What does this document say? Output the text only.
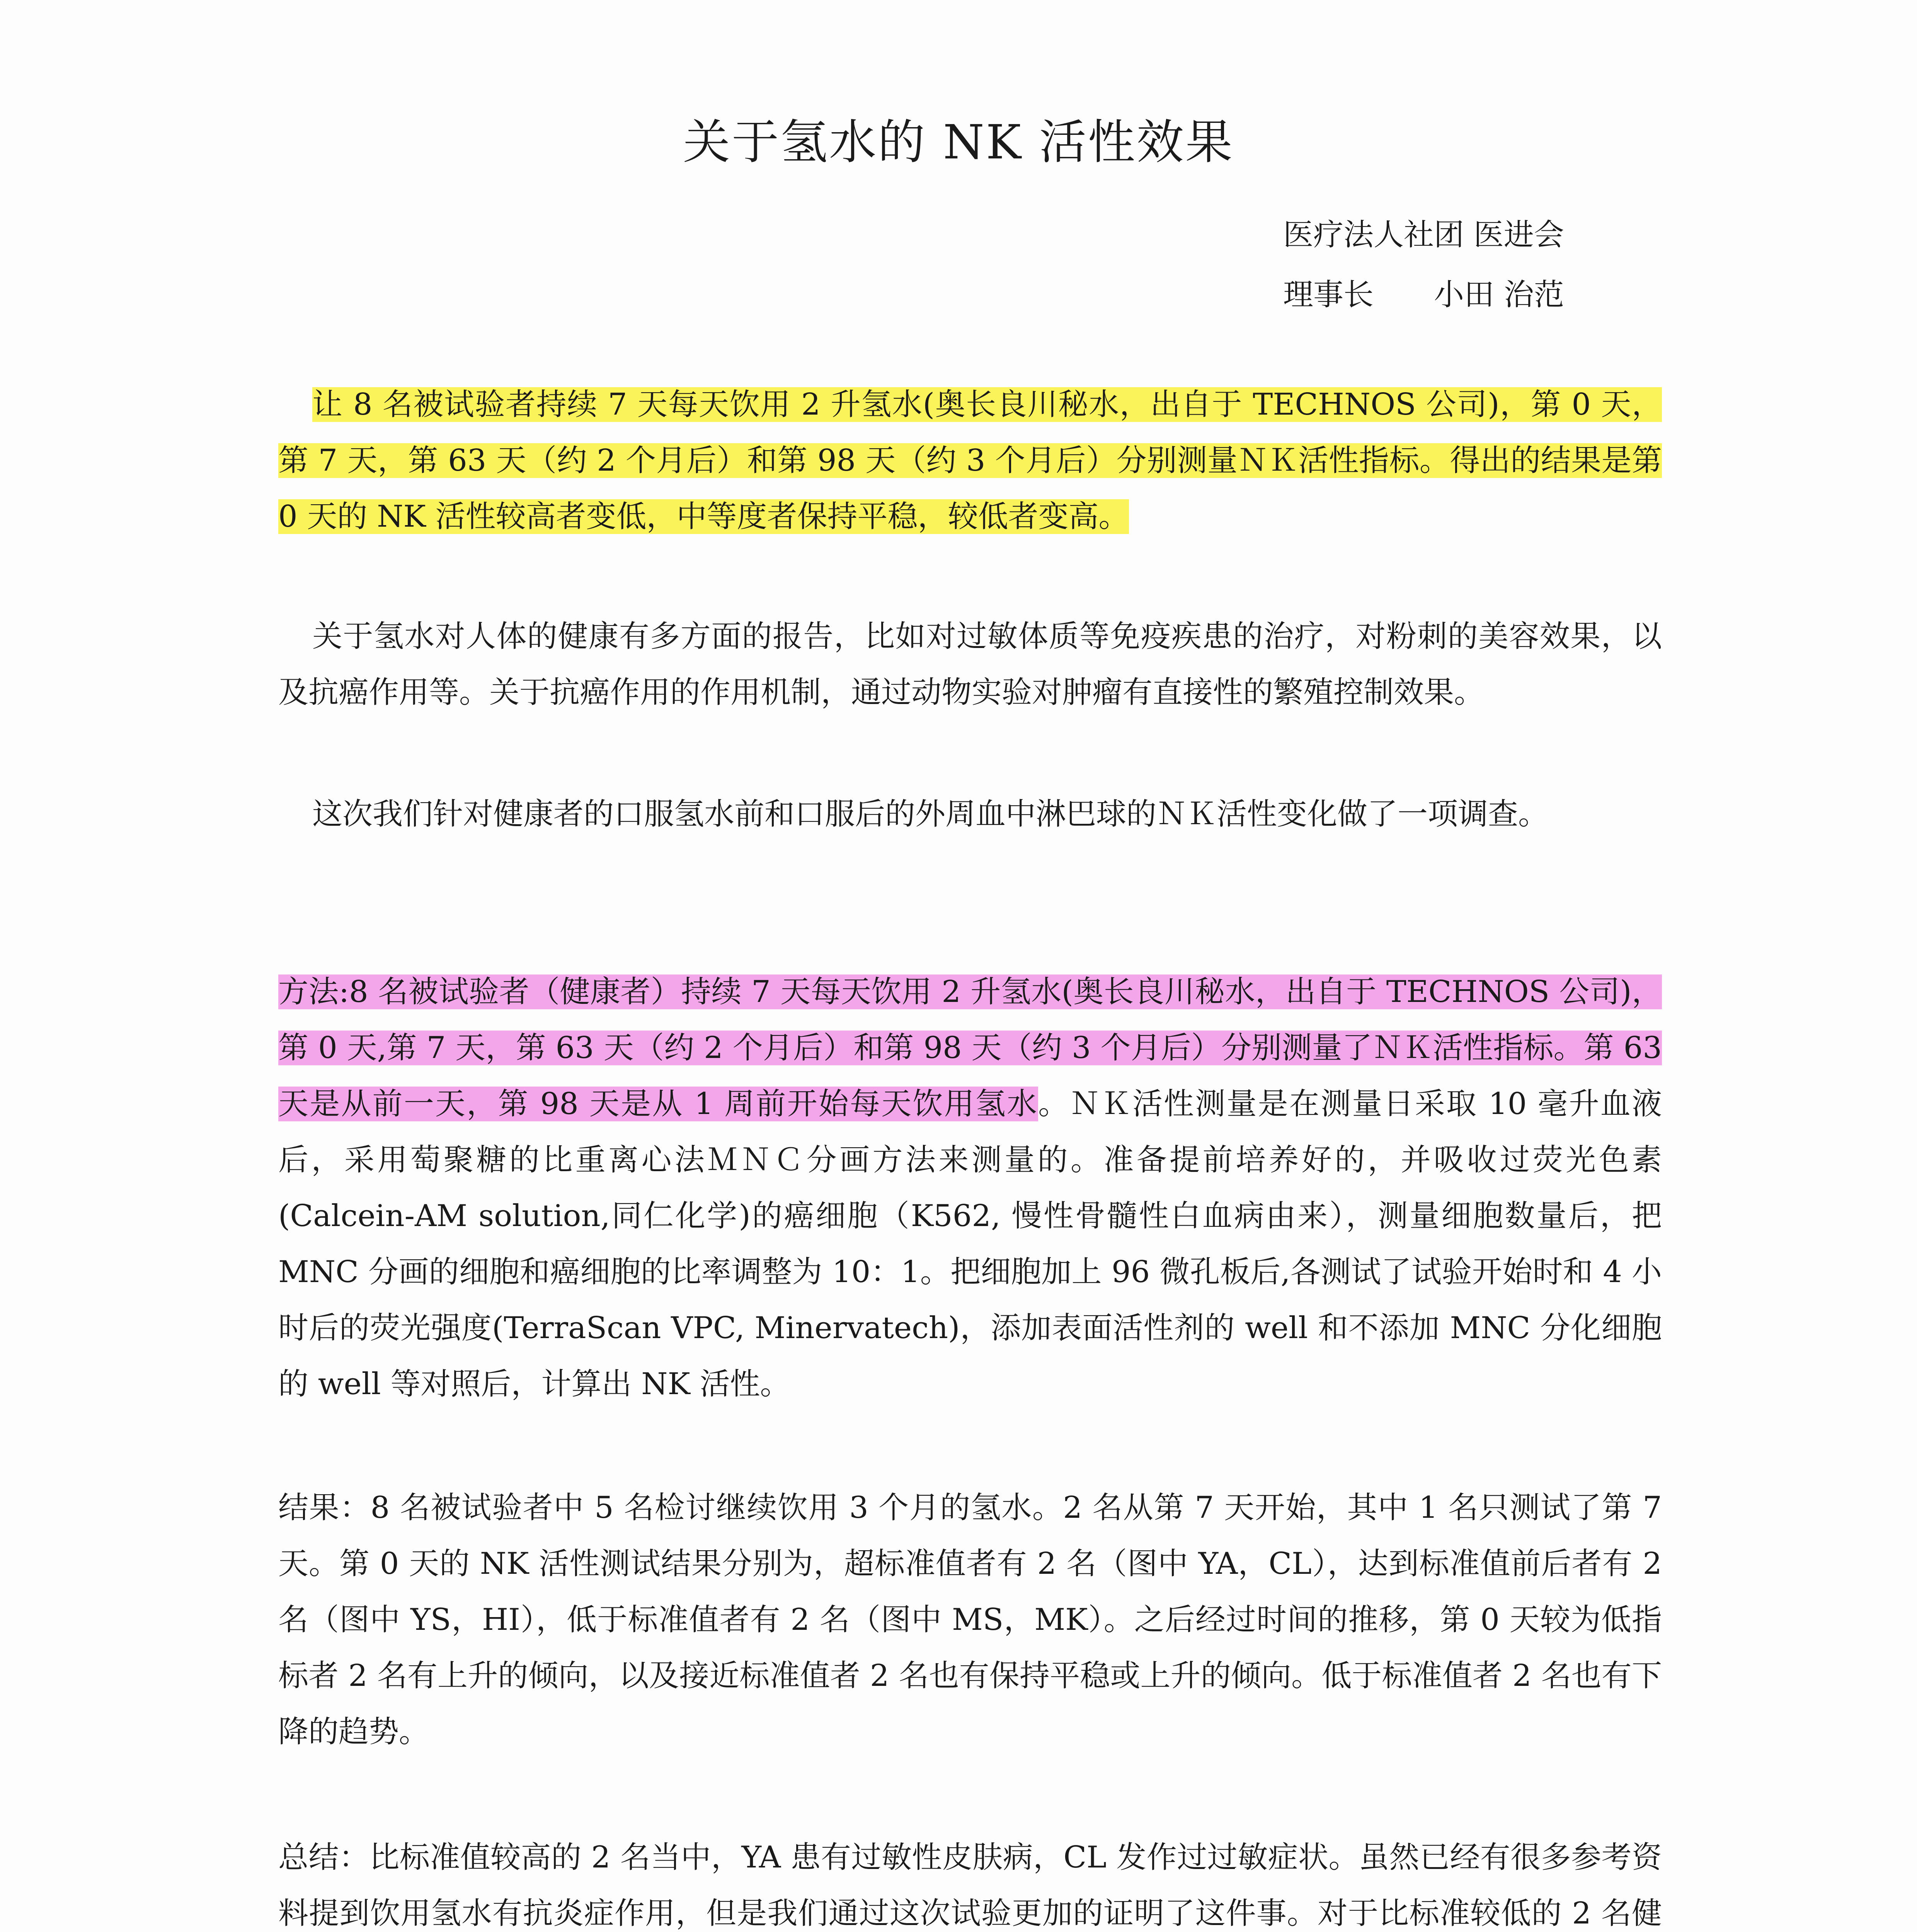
关于氢水的 NK 活性效果
医疗法人社团 医进会
理事长　　小田 治范
让 8 名被试验者持续 7 天每天饮用 2 升氢水(奥长良川秘水，出自于 TECHNOS 公司)，第 0 天，第 7 天，第 63 天（约 2 个月后）和第 98 天（约 3 个月后）分别测量ＮＫ活性指标。得出的结果是第 0 天的 NK 活性较高者变低，中等度者保持平稳，较低者变高。
关于氢水对人体的健康有多方面的报告，比如对过敏体质等免疫疾患的治疗，对粉刺的美容效果，以及抗癌作用等。关于抗癌作用的作用机制，通过动物实验对肿瘤有直接性的繁殖控制效果。
这次我们针对健康者的口服氢水前和口服后的外周血中淋巴球的ＮＫ活性变化做了一项调查。
方法:8 名被试验者（健康者）持续 7 天每天饮用 2 升氢水(奥长良川秘水，出自于 TECHNOS 公司)，第 0 天,第 7 天，第 63 天（约 2 个月后）和第 98 天（约 3 个月后）分别测量了ＮＫ活性指标。第 63 天是从前一天，第 98 天是从 1 周前开始每天饮用氢水。ＮＫ活性测量是在测量日采取 10 毫升血液后，采用萄聚糖的比重离心法ＭＮＣ分画方法来测量的。准备提前培养好的，并吸收过荧光色素(Calcein-AM solution,同仁化学)的癌细胞（K562, 慢性骨髓性白血病由来），测量细胞数量后，把 MNC 分画的细胞和癌细胞的比率调整为 10：1。把细胞加上 96 微孔板后,各测试了试验开始时和 4 小时后的荧光强度(TerraScan VPC, Minervatech)，添加表面活性剂的 well 和不添加 MNC 分化细胞的 well 等对照后，计算出 NK 活性。
结果：8 名被试验者中 5 名检讨继续饮用 3 个月的氢水。2 名从第 7 天开始，其中 1 名只测试了第 7 天。第 0 天的 NK 活性测试结果分别为，超标准值者有 2 名（图中 YA，CL），达到标准值前后者有 2 名（图中 YS，HI），低于标准值者有 2 名（图中 MS，MK）。之后经过时间的推移，第 0 天较为低指标者 2 名有上升的倾向，以及接近标准值者 2 名也有保持平稳或上升的倾向。低于标准值者 2 名也有下降的趋势。
总结：比标准值较高的 2 名当中，YA 患有过敏性皮肤病，CL 发作过过敏症状。虽然已经有很多参考资料提到饮用氢水有抗炎症作用，但是我们通过这次试验更加的证明了这件事。对于比标准较低的 2 名健
